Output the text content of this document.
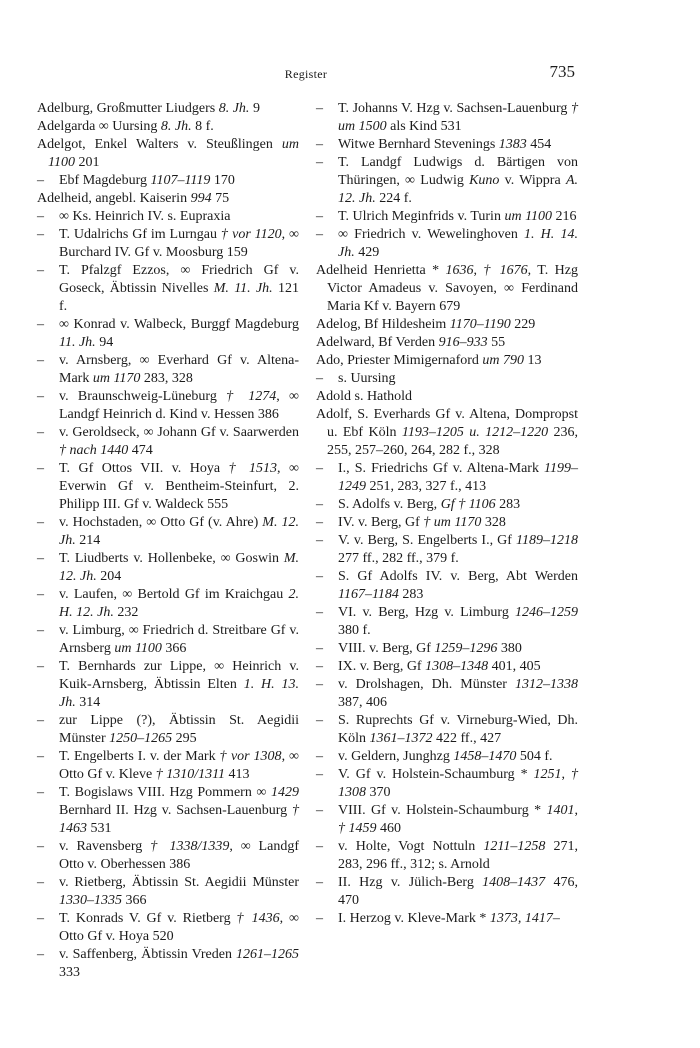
Register	735

Adelburg, Großmutter Liudgers 8. Jh. 9

Adelgarda ∞ Uursing 8. Jh. 8 f.

Adelgot, Enkel Walters v. Steußlingen um 1100 201

– Ebf Magdeburg 1107–1119 170

Adelheid, angebl. Kaiserin 994 75

– ∞ Ks. Heinrich IV. s. Eupraxia

– T. Udalrichs Gf im Lurngau † vor 1120, ∞ Burchard IV. Gf v. Moosburg 159

– T. Pfalzgf Ezzos, ∞ Friedrich Gf v. Goseck, Äbtissin Nivelles M. 11. Jh. 121 f.

– ∞ Konrad v. Walbeck, Burggf Magdeburg 11. Jh. 94

– v. Arnsberg, ∞ Everhard Gf v. Altena-Mark um 1170 283, 328

– v. Braunschweig-Lüneburg † 1274, ∞ Landgf Heinrich d. Kind v. Hessen 386

– v. Geroldseck, ∞ Johann Gf v. Saarwerden † nach 1440 474

– T. Gf Ottos VII. v. Hoya † 1513, ∞ Everwin Gf v. Bentheim-Steinfurt, 2. Philipp III. Gf v. Waldeck 555

– v. Hochstaden, ∞ Otto Gf (v. Ahre) M. 12. Jh. 214

– T. Liudberts v. Hollenbeke, ∞ Goswin M. 12. Jh. 204

– v. Laufen, ∞ Bertold Gf im Kraichgau 2. H. 12. Jh. 232

– v. Limburg, ∞ Friedrich d. Streitbare Gf v. Arnsberg um 1100 366

– T. Bernhards zur Lippe, ∞ Heinrich v. Kuik-Arnsberg, Äbtissin Elten 1. H. 13. Jh. 314

– zur Lippe (?), Äbtissin St. Aegidii Münster 1250–1265 295

– T. Engelberts I. v. der Mark † vor 1308, ∞ Otto Gf v. Kleve † 1310/1311 413

– T. Bogislaws VIII. Hzg Pommern ∞ 1429 Bernhard II. Hzg v. Sachsen-Lauenburg † 1463 531

– v. Ravensberg † 1338/1339, ∞ Landgf Otto v. Oberhessen 386

– v. Rietberg, Äbtissin St. Aegidii Münster 1330–1335 366

– T. Konrads V. Gf v. Rietberg † 1436, ∞ Otto Gf v. Hoya 520

– v. Saffenberg, Äbtissin Vreden 1261–1265 333

– T. Johanns V. Hzg v. Sachsen-Lauenburg † um 1500 als Kind 531

– Witwe Bernhard Stevenings 1383 454

– T. Landgf Ludwigs d. Bärtigen von Thüringen, ∞ Ludwig Kuno v. Wippra A. 12. Jh. 224 f.

– T. Ulrich Meginfrids v. Turin um 1100 216

– ∞ Friedrich v. Wewelinghoven 1. H. 14. Jh. 429

Adelheid Henrietta * 1636, † 1676, T. Hzg Victor Amadeus v. Savoyen, ∞ Ferdinand Maria Kf v. Bayern 679

Adelog, Bf Hildesheim 1170–1190 229

Adelward, Bf Verden 916–933 55

Ado, Priester Mimigernaford um 790 13

– s. Uursing

Adold s. Hathold

Adolf, S. Everhards Gf v. Altena, Dompropst u. Ebf Köln 1193–1205 u. 1212–1220 236, 255, 257–260, 264, 282 f., 328

– I., S. Friedrichs Gf v. Altena-Mark 1199–1249 251, 283, 327 f., 413

– S. Adolfs v. Berg, Gf † 1106 283

– IV. v. Berg, Gf † um 1170 328

– V. v. Berg, S. Engelberts I., Gf 1189–1218 277 ff., 282 ff., 379 f.

– S. Gf Adolfs IV. v. Berg, Abt Werden 1167–1184 283

– VI. v. Berg, Hzg v. Limburg 1246–1259 380 f.

– VIII. v. Berg, Gf 1259–1296 380

– IX. v. Berg, Gf 1308–1348 401, 405

– v. Drolshagen, Dh. Münster 1312–1338 387, 406

– S. Ruprechts Gf v. Virneburg-Wied, Dh. Köln 1361–1372 422 ff., 427

– v. Geldern, Junghzg 1458–1470 504 f.

– V. Gf v. Holstein-Schaumburg * 1251, † 1308 370

– VIII. Gf v. Holstein-Schaumburg * 1401, † 1459 460

– v. Holte, Vogt Nottuln 1211–1258 271, 283, 296 ff., 312; s. Arnold

– II. Hzg v. Jülich-Berg 1408–1437 476, 470

– I. Herzog v. Kleve-Mark * 1373, 1417–
